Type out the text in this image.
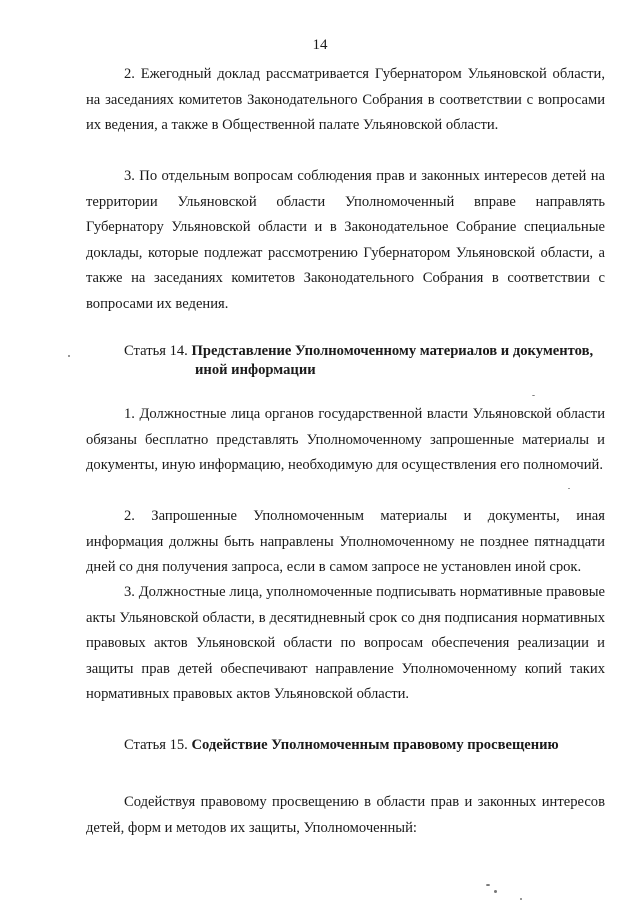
14

2. Ежегодный доклад рассматривается Губернатором Ульяновской области, на заседаниях комитетов Законодательного Собрания в соответствии с вопросами их ведения, а также в Общественной палате Ульяновской области.

3. По отдельным вопросам соблюдения прав и законных интересов детей на территории Ульяновской области Уполномоченный вправе направлять Губернатору Ульяновской области и в Законодательное Собрание специальные доклады, которые подлежат рассмотрению Губернатором Ульяновской области, а также на заседаниях комитетов Законодательного Собрания в соответствии с вопросами их ведения.

Статья 14. Представление Уполномоченному материалов и документов,
иной информации

1. Должностные лица органов государственной власти Ульяновской области обязаны бесплатно представлять Уполномоченному запрошенные материалы и документы, иную информацию, необходимую для осуществления его полномочий.

2. Запрошенные Уполномоченным материалы и документы, иная информация должны быть направлены Уполномоченному не позднее пятнадцати дней со дня получения запроса, если в самом запросе не установлен иной срок.

3. Должностные лица, уполномоченные подписывать нормативные правовые акты Ульяновской области, в десятидневный срок со дня подписания нормативных правовых актов Ульяновской области по вопросам обеспечения реализации и защиты прав детей обеспечивают направление Уполномоченному копий таких нормативных правовых актов Ульяновской области.

Статья 15. Содействие Уполномоченным правовому просвещению

Содействуя правовому просвещению в области прав и законных интересов детей, форм и методов их защиты, Уполномоченный:
